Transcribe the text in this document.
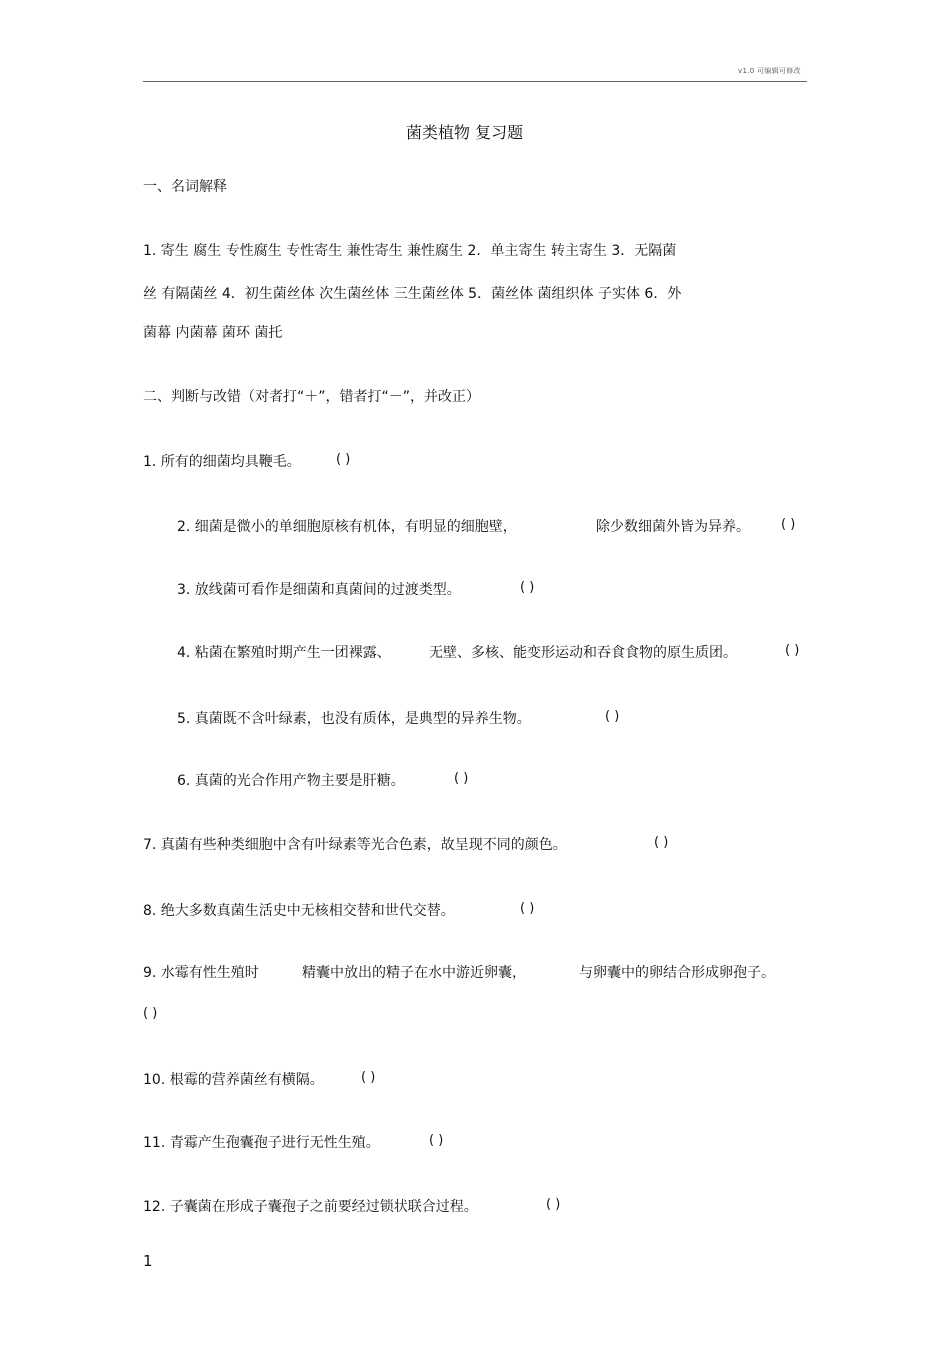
v1.0 可编辑可修改
菌类植物 复习题
一、名词解释
1. 寄生 腐生 专性腐生 专性寄生 兼性寄生 兼性腐生 2．单主寄生 转主寄生 3．无隔菌
丝 有隔菌丝 4．初生菌丝体 次生菌丝体 三生菌丝体 5．菌丝体 菌组织体 子实体 6．外
菌幕 内菌幕 菌环 菌托
二、判断与改错（对者打“＋”，错者打“－”，并改正）
1. 所有的细菌均具鞭毛。	( )
2. 细菌是微小的单细胞原核有机体，有明显的细胞壁，	除少数细菌外皆为异养。 ( )
3. 放线菌可看作是细菌和真菌间的过渡类型。	( )
4. 粘菌在繁殖时期产生一团裸露、	无壁、多核、能变形运动和吞食食物的原生质团。	( )
5. 真菌既不含叶绿素，也没有质体，是典型的异养生物。	( )
6. 真菌的光合作用产物主要是肝糖。	( )
7. 真菌有些种类细胞中含有叶绿素等光合色素，故呈现不同的颜色。	( )
8. 绝大多数真菌生活史中无核相交替和世代交替。	( )
9. 水霉有性生殖时	精囊中放出的精子在水中游近卵囊，	与卵囊中的卵结合形成卵孢子。
( )
10. 根霉的营养菌丝有横隔。	( )
11. 青霉产生孢囊孢子进行无性生殖。	( )
12. 子囊菌在形成子囊孢子之前要经过锁状联合过程。	( )
1
